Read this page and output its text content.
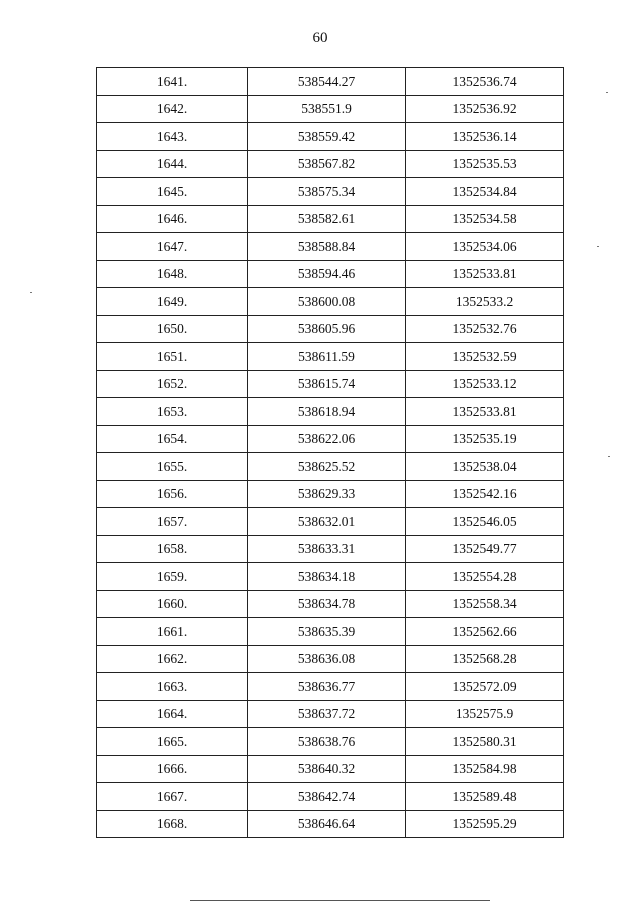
60
1641.	538544.27	1352536.74
1642.	538551.9	1352536.92
1643.	538559.42	1352536.14
1644.	538567.82	1352535.53
1645.	538575.34	1352534.84
1646.	538582.61	1352534.58
1647.	538588.84	1352534.06
1648.	538594.46	1352533.81
1649.	538600.08	1352533.2
1650.	538605.96	1352532.76
1651.	538611.59	1352532.59
1652.	538615.74	1352533.12
1653.	538618.94	1352533.81
1654.	538622.06	1352535.19
1655.	538625.52	1352538.04
1656.	538629.33	1352542.16
1657.	538632.01	1352546.05
1658.	538633.31	1352549.77
1659.	538634.18	1352554.28
1660.	538634.78	1352558.34
1661.	538635.39	1352562.66
1662.	538636.08	1352568.28
1663.	538636.77	1352572.09
1664.	538637.72	1352575.9
1665.	538638.76	1352580.31
1666.	538640.32	1352584.98
1667.	538642.74	1352589.48
1668.	538646.64	1352595.29
